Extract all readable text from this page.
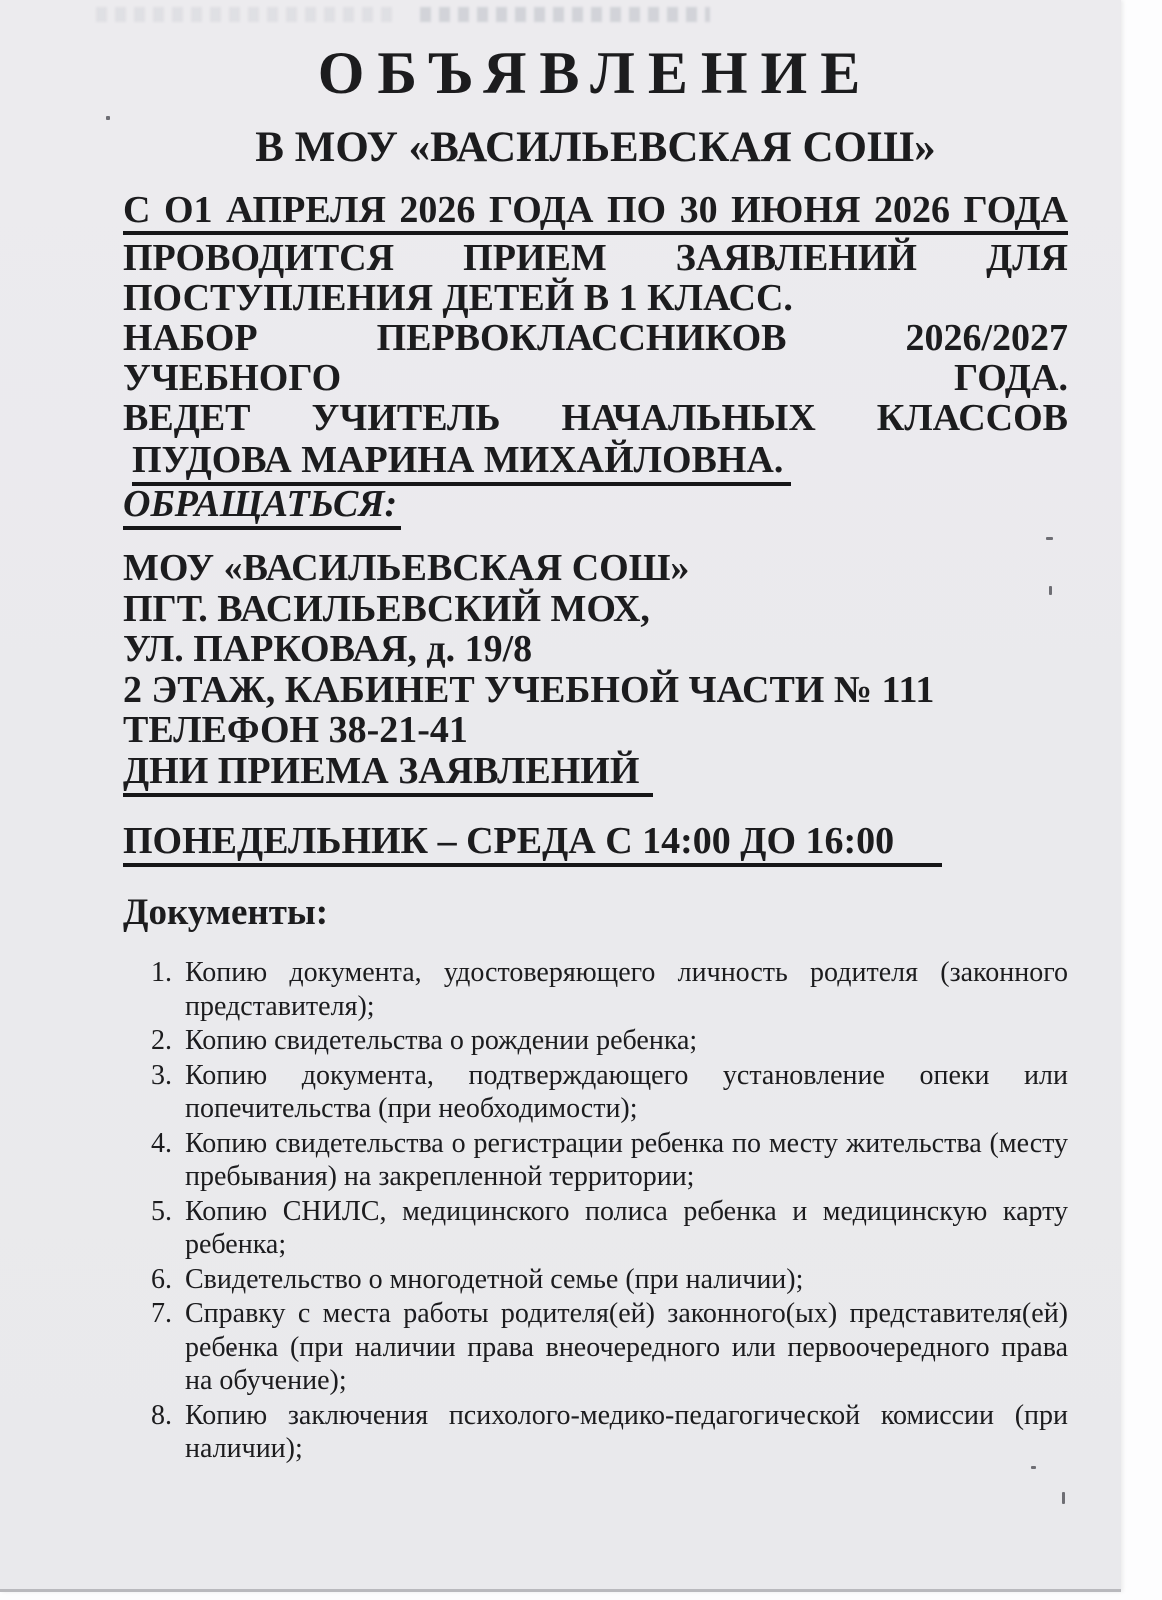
ОБЪЯВЛЕНИЕ
В МОУ «ВАСИЛЬЕВСКАЯ СОШ»
С О1 АПРЕЛЯ 2026 ГОДА ПО 30 ИЮНЯ 2026 ГОДА
ПРОВОДИТСЯ ПРИЕМ ЗАЯВЛЕНИЙ ДЛЯ
ПОСТУПЛЕНИЯ ДЕТЕЙ В 1 КЛАСС.
НАБОР ПЕРВОКЛАССНИКОВ 2026/2027 УЧЕБНОГО ГОДА.
ВЕДЕТ УЧИТЕЛЬ НАЧАЛЬНЫХ КЛАССОВ
ПУДОВА МАРИНА МИХАЙЛОВНА.
ОБРАЩАТЬСЯ:
МОУ «ВАСИЛЬЕВСКАЯ СОШ»
ПГТ. ВАСИЛЬЕВСКИЙ МОХ,
УЛ. ПАРКОВАЯ, д. 19/8
2 ЭТАЖ, КАБИНЕТ УЧЕБНОЙ ЧАСТИ № 111
ТЕЛЕФОН 38-21-41
ДНИ ПРИЕМА ЗАЯВЛЕНИЙ
ПОНЕДЕЛЬНИК – СРЕДА С 14:00 ДО 16:00
Документы:
1. Копию документа, удостоверяющего личность родителя (законного представителя);
2. Копию свидетельства о рождении ребенка;
3. Копию документа, подтверждающего установление опеки или попечительства (при необходимости);
4. Копию свидетельства о регистрации ребенка по месту жительства (месту пребывания) на закрепленной территории;
5. Копию СНИЛС, медицинского полиса ребенка и медицинскую карту ребенка;
6. Свидетельство о многодетной семье (при наличии);
7. Справку с места работы родителя(ей) законного(ых) представителя(ей) ребенка (при наличии права внеочередного или первоочередного права на обучение);
8. Копию заключения психолого-медико-педагогической комиссии (при наличии);
